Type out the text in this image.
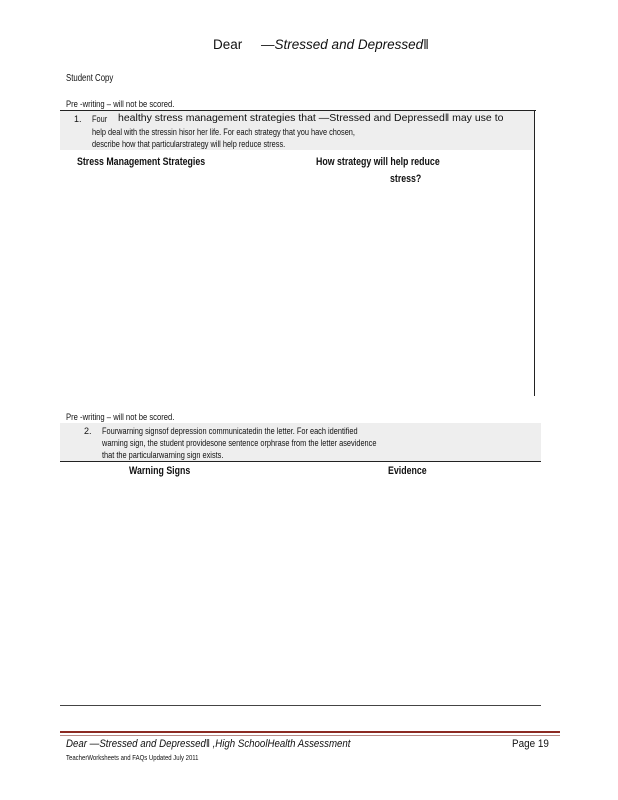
Dear —Stressed and Depressed‖
Student Copy
Pre -writing – will not be scored.
1. Four healthy stress management strategies that —Stressed and Depressed‖ may use to
help deal with the stressin hisor her life. For each strategy that you have chosen,
describe how that particularstrategy will help reduce stress.
Stress Management Strategies	How strategy will help reduce
stress?
Pre -writing – will not be scored.
2. Fourwarning signsof depression communicatedin the letter. For each identified
warning sign, the student providesone sentence orphrase from the letter asevidence
that the particularwarning sign exists.
Warning Signs	Evidence
Dear —Stressed and Depressed‖ ,High SchoolHealth Assessment	Page 19
TeacherWorksheets and FAQs Updated July 2011
